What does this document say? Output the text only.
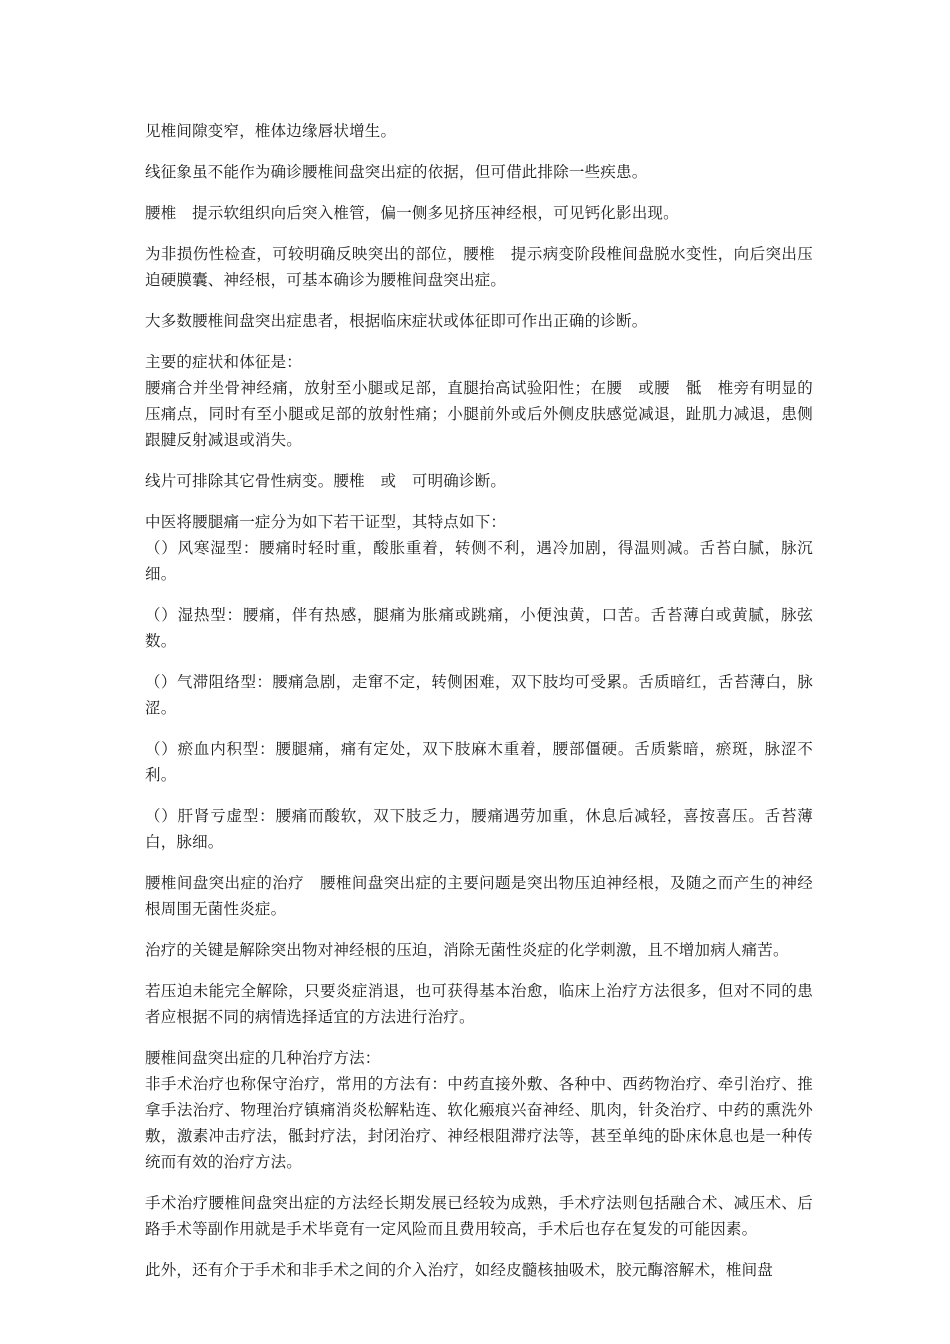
见椎间隙变窄，椎体边缘唇状增生。

线征象虽不能作为确诊腰椎间盘突出症的依据，但可借此排除一些疾患。

腰椎　提示软组织向后突入椎管，偏一侧多见挤压神经根，可见钙化影出现。

为非损伤性检查，可较明确反映突出的部位，腰椎　提示病变阶段椎间盘脱水变性，向后突出压迫硬膜囊、神经根，可基本确诊为腰椎间盘突出症。

大多数腰椎间盘突出症患者，根据临床症状或体征即可作出正确的诊断。

主要的症状和体征是：

腰痛合并坐骨神经痛，放射至小腿或足部，直腿抬高试验阳性；在腰　或腰　骶　椎旁有明显的压痛点，同时有至小腿或足部的放射性痛；小腿前外或后外侧皮肤感觉减退，趾肌力减退，患侧跟腱反射减退或消失。

线片可排除其它骨性病变。腰椎　或　可明确诊断。

中医将腰腿痛一症分为如下若干证型，其特点如下：

（）风寒湿型：腰痛时轻时重，酸胀重着，转侧不利，遇冷加剧，得温则减。舌苔白腻，脉沉细。

（）湿热型：腰痛，伴有热感，腿痛为胀痛或跳痛，小便浊黄，口苦。舌苔薄白或黄腻，脉弦数。

（）气滞阻络型：腰痛急剧，走窜不定，转侧困难，双下肢均可受累。舌质暗红，舌苔薄白，脉涩。

（）瘀血内积型：腰腿痛，痛有定处，双下肢麻木重着，腰部僵硬。舌质紫暗，瘀斑，脉涩不利。

（）肝肾亏虚型：腰痛而酸软，双下肢乏力，腰痛遇劳加重，休息后减轻，喜按喜压。舌苔薄白，脉细。

腰椎间盘突出症的治疗　腰椎间盘突出症的主要问题是突出物压迫神经根，及随之而产生的神经根周围无菌性炎症。

治疗的关键是解除突出物对神经根的压迫，消除无菌性炎症的化学刺激，且不增加病人痛苦。

若压迫未能完全解除，只要炎症消退，也可获得基本治愈，临床上治疗方法很多，但对不同的患者应根据不同的病情选择适宜的方法进行治疗。

腰椎间盘突出症的几种治疗方法：

非手术治疗也称保守治疗，常用的方法有：中药直接外敷、各种中、西药物治疗、牵引治疗、推拿手法治疗、物理治疗镇痛消炎松解粘连、软化瘢痕兴奋神经、肌肉，针灸治疗、中药的熏洗外敷，激素冲击疗法，骶封疗法，封闭治疗、神经根阻滞疗法等，甚至单纯的卧床休息也是一种传统而有效的治疗方法。

手术治疗腰椎间盘突出症的方法经长期发展已经较为成熟，手术疗法则包括融合术、减压术、后路手术等副作用就是手术毕竟有一定风险而且费用较高，手术后也存在复发的可能因素。

此外，还有介于手术和非手术之间的介入治疗，如经皮髓核抽吸术，胶元酶溶解术，椎间盘
